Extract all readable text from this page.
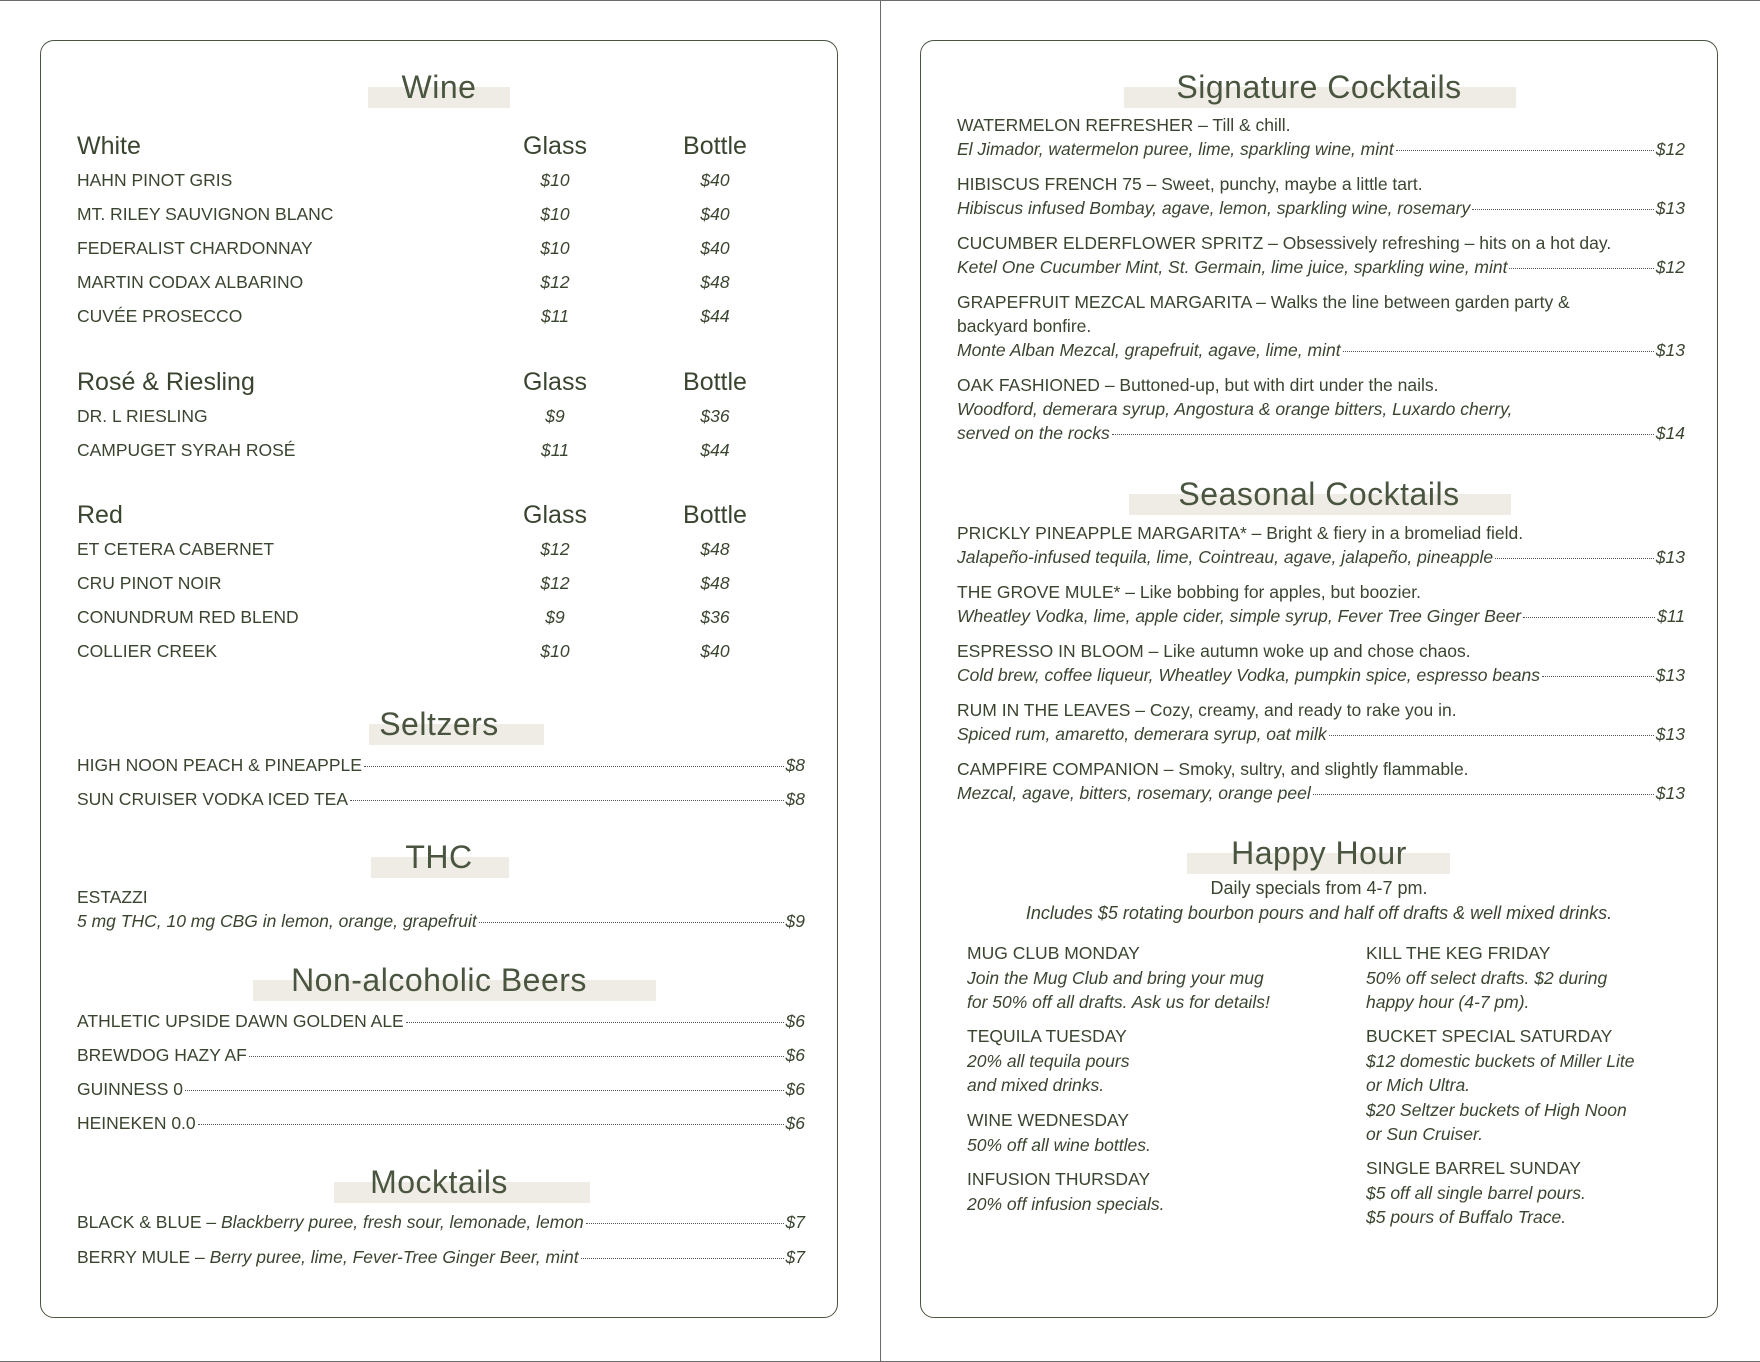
Wine
White	Glass	Bottle
HAHN PINOT GRIS	$10	$40
MT. RILEY SAUVIGNON BLANC	$10	$40
FEDERALIST CHARDONNAY	$10	$40
MARTIN CODAX ALBARINO	$12	$48
CUVÉE PROSECCO	$11	$44
Rosé & Riesling	Glass	Bottle
DR. L RIESLING	$9	$36
CAMPUGET SYRAH ROSÉ	$11	$44
Red	Glass	Bottle
ET CETERA CABERNET	$12	$48
CRU PINOT NOIR	$12	$48
CONUNDRUM RED BLEND	$9	$36
COLLIER CREEK	$10	$40
Seltzers
HIGH NOON PEACH & PINEAPPLE	$8
SUN CRUISER VODKA ICED TEA	$8
THC
ESTAZZI
5 mg THC, 10 mg CBG in lemon, orange, grapefruit	$9
Non-alcoholic Beers
ATHLETIC UPSIDE DAWN GOLDEN ALE	$6
BREWDOG HAZY AF	$6
GUINNESS 0	$6
HEINEKEN 0.0	$6
Mocktails
BLACK & BLUE – Blackberry puree, fresh sour, lemonade, lemon	$7
BERRY MULE – Berry puree, lime, Fever-Tree Ginger Beer, mint	$7
Signature Cocktails
WATERMELON REFRESHER – Till & chill.
El Jimador, watermelon puree, lime, sparkling wine, mint	$12
HIBISCUS FRENCH 75 – Sweet, punchy, maybe a little tart.
Hibiscus infused Bombay, agave, lemon, sparkling wine, rosemary	$13
CUCUMBER ELDERFLOWER SPRITZ – Obsessively refreshing – hits on a hot day.
Ketel One Cucumber Mint, St. Germain, lime juice, sparkling wine, mint	$12
GRAPEFRUIT MEZCAL MARGARITA – Walks the line between garden party &
backyard bonfire.
Monte Alban Mezcal, grapefruit, agave, lime, mint	$13
OAK FASHIONED – Buttoned-up, but with dirt under the nails.
Woodford, demerara syrup, Angostura & orange bitters, Luxardo cherry,
served on the rocks	$14
Seasonal Cocktails
PRICKLY PINEAPPLE MARGARITA* – Bright & fiery in a bromeliad field.
Jalapeño-infused tequila, lime, Cointreau, agave, jalapeño, pineapple	$13
THE GROVE MULE* – Like bobbing for apples, but boozier.
Wheatley Vodka, lime, apple cider, simple syrup, Fever Tree Ginger Beer	$11
ESPRESSO IN BLOOM – Like autumn woke up and chose chaos.
Cold brew, coffee liqueur, Wheatley Vodka, pumpkin spice, espresso beans	$13
RUM IN THE LEAVES – Cozy, creamy, and ready to rake you in.
Spiced rum, amaretto, demerara syrup, oat milk	$13
CAMPFIRE COMPANION – Smoky, sultry, and slightly flammable.
Mezcal, agave, bitters, rosemary, orange peel	$13
Happy Hour
Daily specials from 4-7 pm.
Includes $5 rotating bourbon pours and half off drafts & well mixed drinks.
MUG CLUB MONDAY
Join the Mug Club and bring your mug
for 50% off all drafts. Ask us for details!
TEQUILA TUESDAY
20% all tequila pours
and mixed drinks.
WINE WEDNESDAY
50% off all wine bottles.
INFUSION THURSDAY
20% off infusion specials.
KILL THE KEG FRIDAY
50% off select drafts. $2 during
happy hour (4-7 pm).
BUCKET SPECIAL SATURDAY
$12 domestic buckets of Miller Lite
or Mich Ultra.
$20 Seltzer buckets of High Noon
or Sun Cruiser.
SINGLE BARREL SUNDAY
$5 off all single barrel pours.
$5 pours of Buffalo Trace.
